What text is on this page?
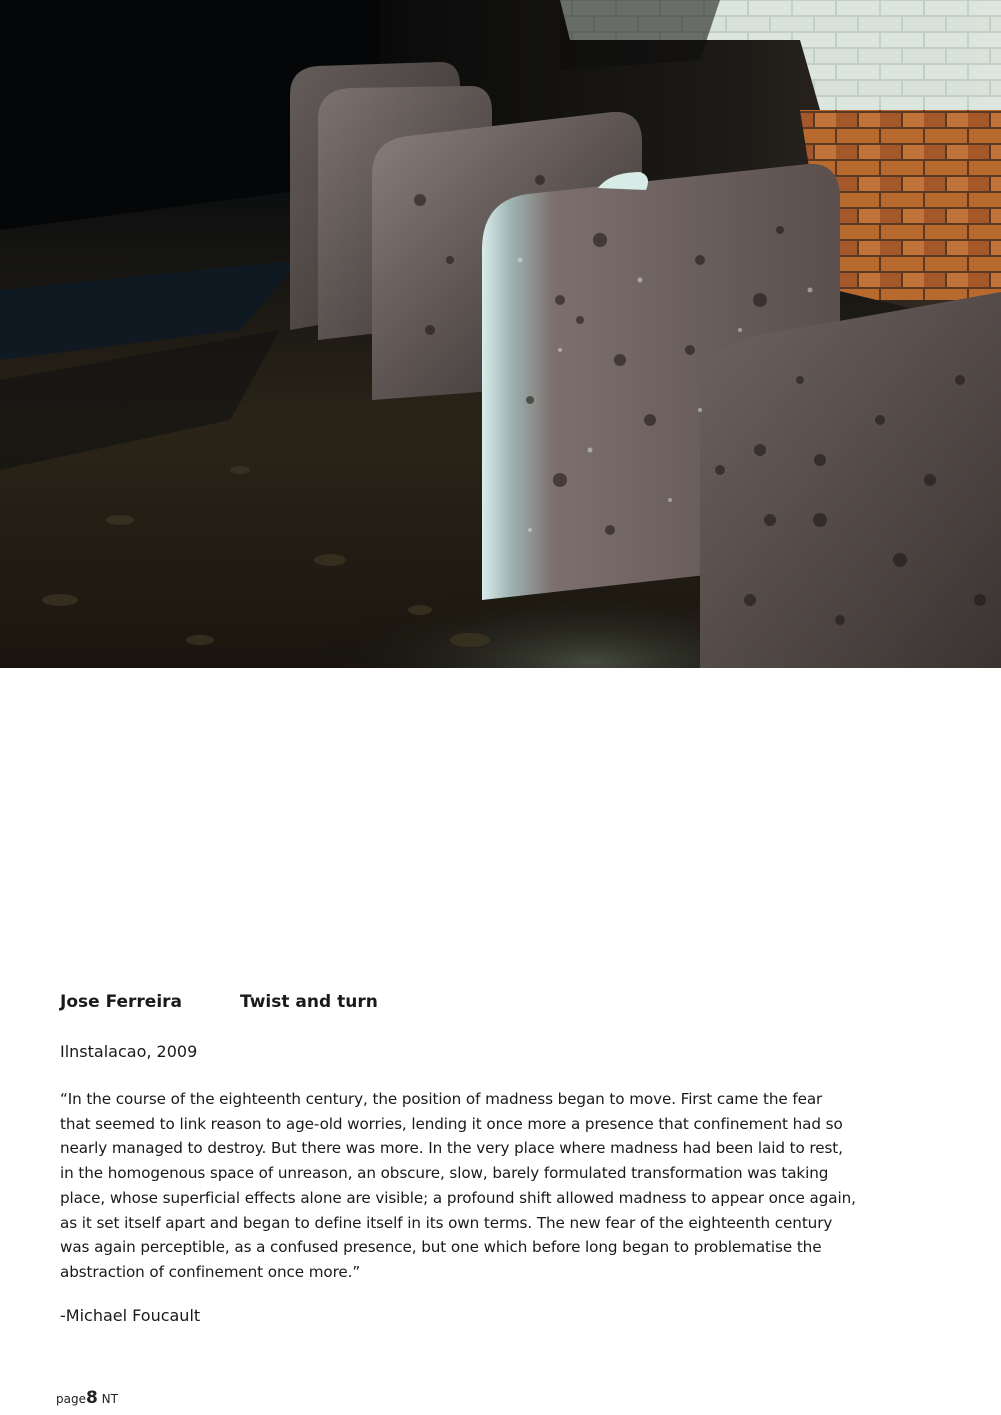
Jose Ferreira	Twist and turn
Ilnstalacao, 2009

“In the course of the eighteenth century, the position of madness began to move. First came the fear
that seemed to link reason to age-old worries, lending it once more a presence that confinement had so
nearly managed to destroy. But there was more. In the very place where madness had been laid to rest,
in the homogenous space of unreason, an obscure, slow, barely formulated transformation was taking
place, whose superficial effects alone are visible; a profound shift allowed madness to appear once again,
as it set itself apart and began to define itself in its own terms. The new fear of the eighteenth century
was again perceptible, as a confused presence, but one which before long began to problematise the
abstraction of confinement once more.”

-Michael Foucault
page8 NT
